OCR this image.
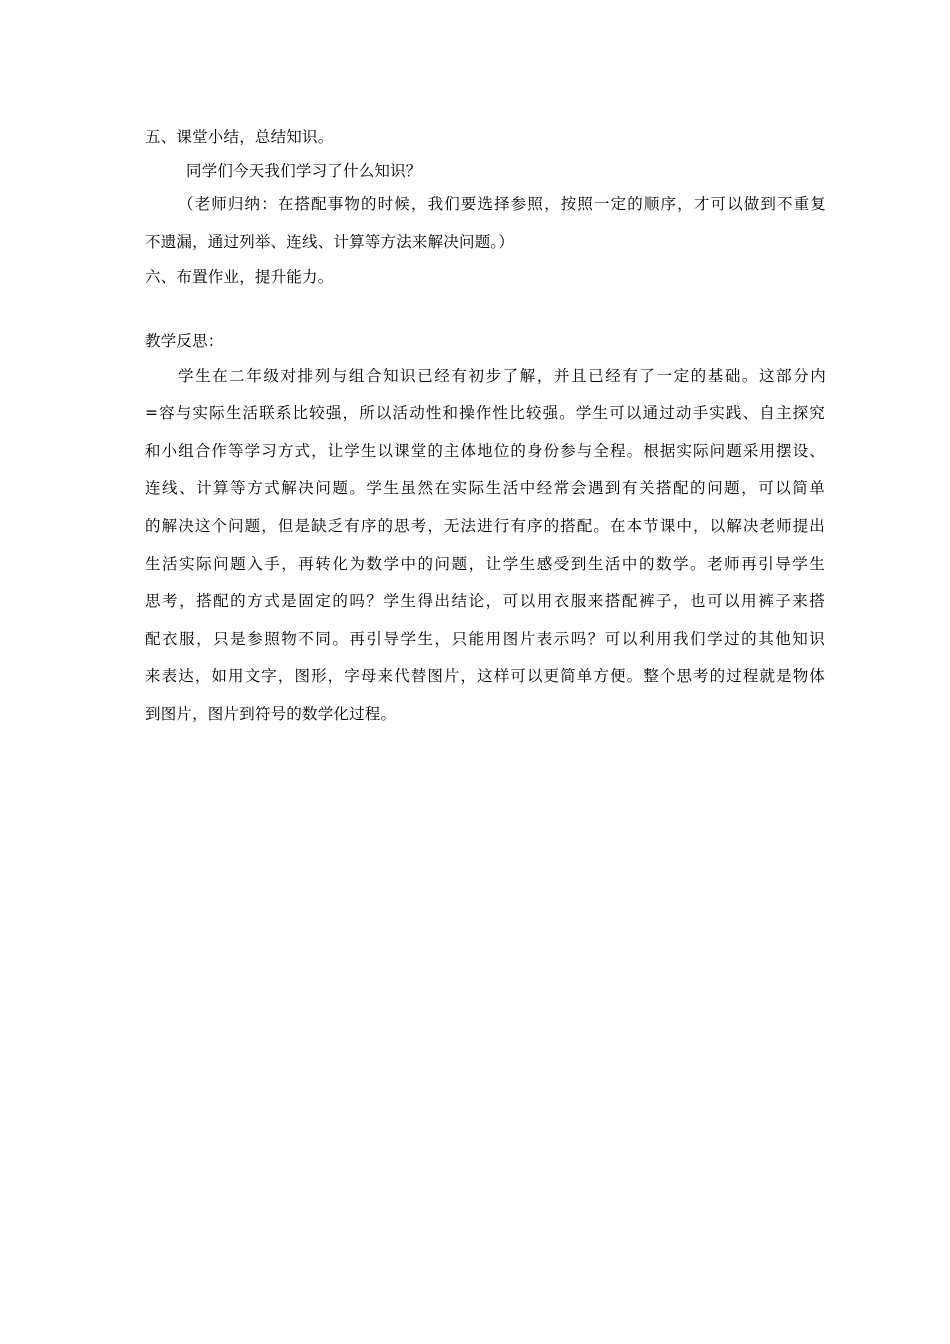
五、课堂小结，总结知识。
同学们今天我们学习了什么知识？
（老师归纳：在搭配事物的时候，我们要选择参照，按照一定的顺序，才可以做到不重复
不遗漏，通过列举、连线、计算等方法来解决问题。）
六、布置作业，提升能力。
教学反思：
学生在二年级对排列与组合知识已经有初步了解，并且已经有了一定的基础。这部分内
=容与实际生活联系比较强，所以活动性和操作性比较强。学生可以通过动手实践、自主探究
和小组合作等学习方式，让学生以课堂的主体地位的身份参与全程。根据实际问题采用摆设、
连线、计算等方式解决问题。学生虽然在实际生活中经常会遇到有关搭配的问题，可以简单
的解决这个问题，但是缺乏有序的思考，无法进行有序的搭配。在本节课中，以解决老师提出
生活实际问题入手，再转化为数学中的问题，让学生感受到生活中的数学。老师再引导学生
思考，搭配的方式是固定的吗？学生得出结论，可以用衣服来搭配裤子，也可以用裤子来搭
配衣服，只是参照物不同。再引导学生，只能用图片表示吗？可以利用我们学过的其他知识
来表达，如用文字，图形，字母来代替图片，这样可以更简单方便。整个思考的过程就是物体
到图片，图片到符号的数学化过程。
